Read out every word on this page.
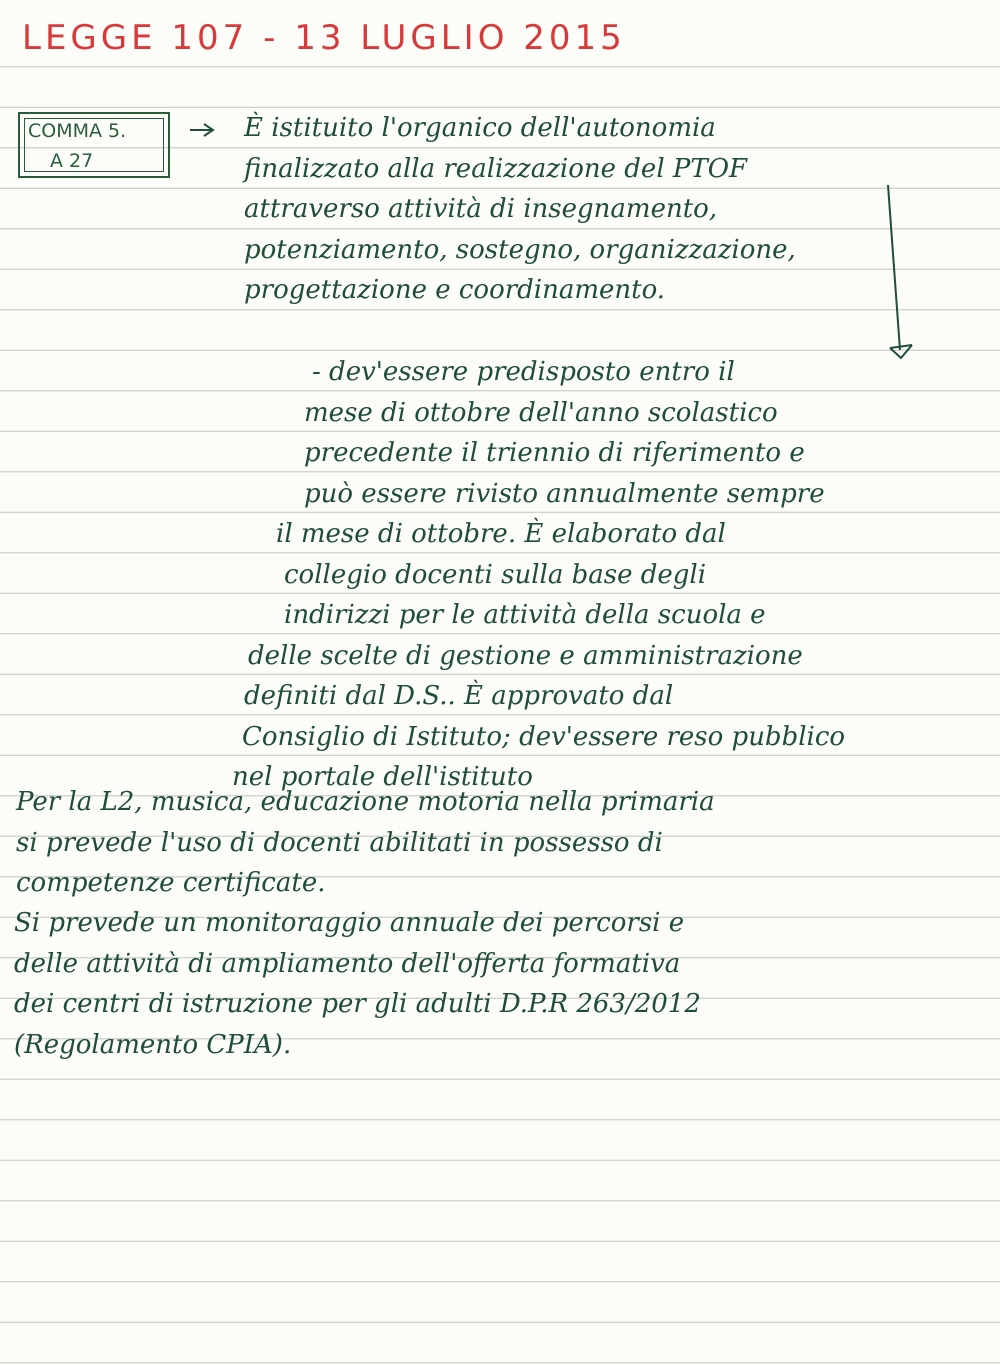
LEGGE 107 - 13 LUGLIO 2015
COMMA 5.
A 27
È istituito l'organico dell'autonomia
finalizzato alla realizzazione del PTOF
attraverso attività di insegnamento,
potenziamento, sostegno, organizzazione,
progettazione e coordinamento.
- dev'essere predisposto entro il
mese di ottobre dell'anno scolastico
precedente il triennio di riferimento e
può essere rivisto annualmente sempre
il mese di ottobre. È elaborato dal
collegio docenti sulla base degli
indirizzi per le attività della scuola e
delle scelte di gestione e amministrazione
definiti dal D.S.. È approvato dal
Consiglio di Istituto; dev'essere reso pubblico
nel portale dell'istituto
Per la L2, musica, educazione motoria nella primaria
si prevede l'uso di docenti abilitati in possesso di
competenze certificate.
Si prevede un monitoraggio annuale dei percorsi e
delle attività di ampliamento dell'offerta formativa
dei centri di istruzione per gli adulti D.P.R 263/2012
(Regolamento CPIA).
